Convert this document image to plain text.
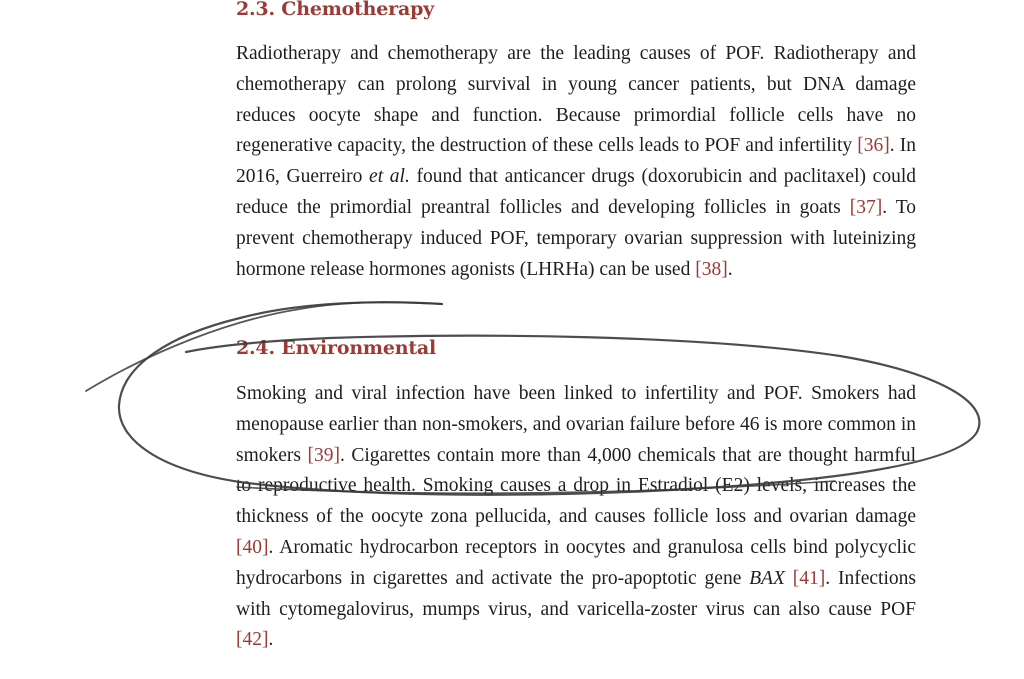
2.3. Chemotherapy

Radiotherapy and chemotherapy are the leading causes of POF. Radiotherapy and chemotherapy can prolong survival in young cancer patients, but DNA damage reduces oocyte shape and function. Because primordial follicle cells have no regenerative capacity, the destruction of these cells leads to POF and infertility [36]. In 2016, Guerreiro et al. found that anticancer drugs (doxorubicin and paclitaxel) could reduce the primordial preantral follicles and developing follicles in goats [37]. To prevent chemotherapy induced POF, temporary ovarian suppression with luteinizing hormone release hormones agonists (LHRHa) can be used [38].

2.4. Environmental

Smoking and viral infection have been linked to infertility and POF. Smokers had menopause earlier than non-smokers, and ovarian failure before 46 is more common in smokers [39]. Cigarettes contain more than 4,000 chemicals that are thought harmful to reproductive health. Smoking causes a drop in Estradiol (E2) levels, increases the thickness of the oocyte zona pellucida, and causes follicle loss and ovarian damage [40]. Aromatic hydrocarbon receptors in oocytes and granulosa cells bind polycyclic hydrocarbons in cigarettes and activate the pro-apoptotic gene BAX [41]. Infections with cytomegalovirus, mumps virus, and varicella-zoster virus can also cause POF [42].
